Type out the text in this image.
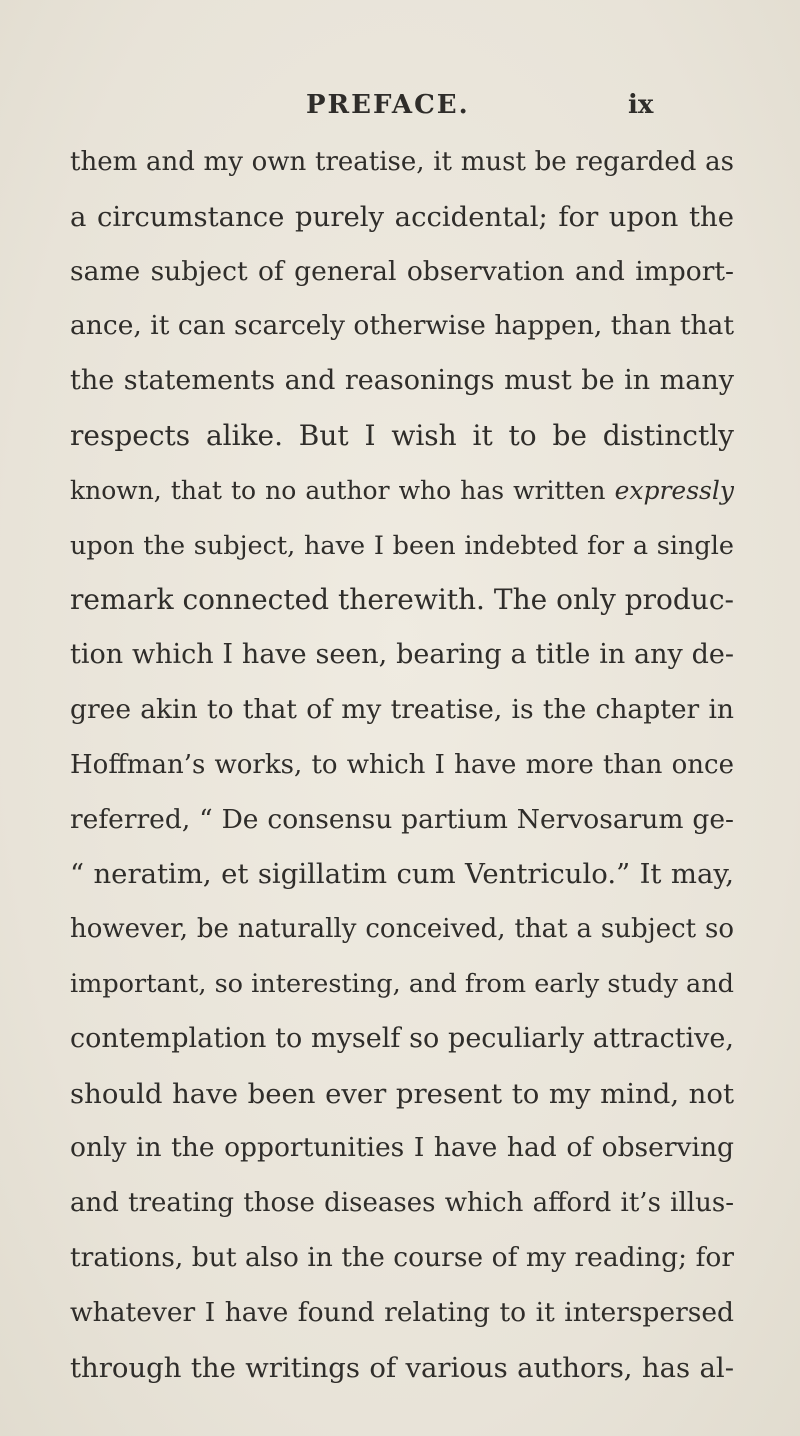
PREFACE.	ix
them and my own treatise, it must be regarded as
a circumstance purely accidental; for upon the
same subject of general observation and import-
ance, it can scarcely otherwise happen, than that
the statements and reasonings must be in many
respects alike. But I wish it to be distinctly
known, that to no author who has written expressly
upon the subject, have I been indebted for a single
remark connected therewith. The only produc-
tion which I have seen, bearing a title in any de-
gree akin to that of my treatise, is the chapter in
Hoffman’s works, to which I have more than once
referred, “ De consensu partium Nervosarum ge-
“ neratim, et sigillatim cum Ventriculo.” It may,
however, be naturally conceived, that a subject so
important, so interesting, and from early study and
contemplation to myself so peculiarly attractive,
should have been ever present to my mind, not
only in the opportunities I have had of observing
and treating those diseases which afford it’s illus-
trations, but also in the course of my reading; for
whatever I have found relating to it interspersed
through the writings of various authors, has al-
